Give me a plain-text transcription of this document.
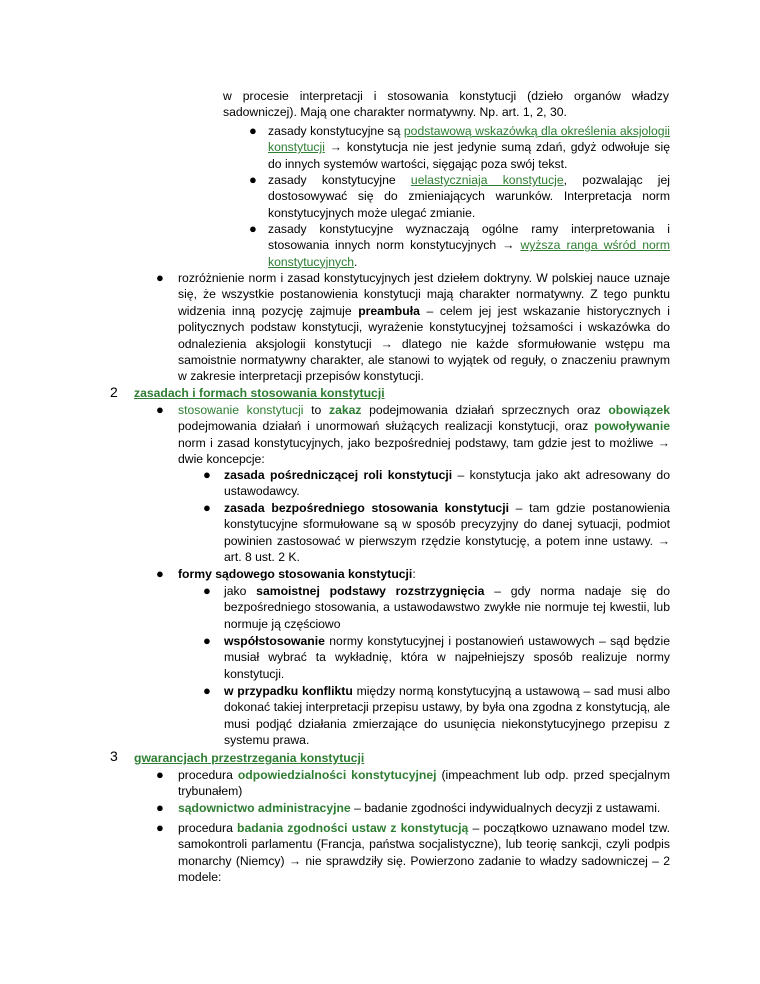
w procesie interpretacji i stosowania konstytucji (dzieło organów władzy sadowniczej). Mają one charakter normatywny. Np. art. 1, 2, 30.
● zasady konstytucyjne są podstawową wskazówką dla określenia aksjologii konstytucji → konstytucja nie jest jedynie sumą zdań, gdyż odwołuje się do innych systemów wartości, sięgając poza swój tekst.
● zasady konstytucyjne uelastyczniaja konstytucje, pozwalając jej dostosowywać się do zmieniających warunków. Interpretacja norm konstytucyjnych może ulegać zmianie.
● zasady konstytucyjne wyznaczają ogólne ramy interpretowania i stosowania innych norm konstytucyjnych → wyższa ranga wśród norm konstytucyjnych.
● rozróżnienie norm i zasad konstytucyjnych jest dziełem doktryny. W polskiej nauce uznaje się, że wszystkie postanowienia konstytucji mają charakter normatywny. Z tego punktu widzenia inną pozycję zajmuje preambuła – celem jej jest wskazanie historycznych i politycznych podstaw konstytucji, wyrażenie konstytucyjnej tożsamości i wskazówka do odnalezienia aksjologii konstytucji → dlatego nie każde sformułowanie wstępu ma samoistnie normatywny charakter, ale stanowi to wyjątek od reguły, o znaczeniu prawnym w zakresie interpretacji przepisów konstytucji.
2 zasadach i formach stosowania konstytucji
● stosowanie konstytucji to zakaz podejmowania działań sprzecznych oraz obowiązek podejmowania działań i unormowań służących realizacji konstytucji, oraz powoływanie norm i zasad konstytucyjnych, jako bezpośredniej podstawy, tam gdzie jest to możliwe → dwie koncepcje:
● zasada pośredniczącej roli konstytucji – konstytucja jako akt adresowany do ustawodawcy.
● zasada bezpośredniego stosowania konstytucji – tam gdzie postanowienia konstytucyjne sformułowane są w sposób precyzyjny do danej sytuacji, podmiot powinien zastosować w pierwszym rzędzie konstytucję, a potem inne ustawy. → art. 8 ust. 2 K.
● formy sądowego stosowania konstytucji:
● jako samoistnej podstawy rozstrzygnięcia – gdy norma nadaje się do bezpośredniego stosowania, a ustawodawstwo zwykłe nie normuje tej kwestii, lub normuje ją częściowo
● współstosowanie normy konstytucyjnej i postanowień ustawowych – sąd będzie musiał wybrać ta wykładnię, która w najpełniejszy sposób realizuje normy konstytucji.
● w przypadku konfliktu między normą konstytucyjną a ustawową – sad musi albo dokonać takiej interpretacji przepisu ustawy, by była ona zgodna z konstytucją, ale musi podjąć działania zmierzające do usunięcia niekonstytucyjnego przepisu z systemu prawa.
3 gwarancjach przestrzegania konstytucji
● procedura odpowiedzialności konstytucyjnej (impeachment lub odp. przed specjalnym trybunałem)
● sądownictwo administracyjne – badanie zgodności indywidualnych decyzji z ustawami.
● procedura badania zgodności ustaw z konstytucją – początkowo uznawano model tzw. samokontroli parlamentu (Francja, państwa socjalistyczne), lub teorię sankcji, czyli podpis monarchy (Niemcy) → nie sprawdziły się. Powierzono zadanie to władzy sadowniczej – 2 modele:
